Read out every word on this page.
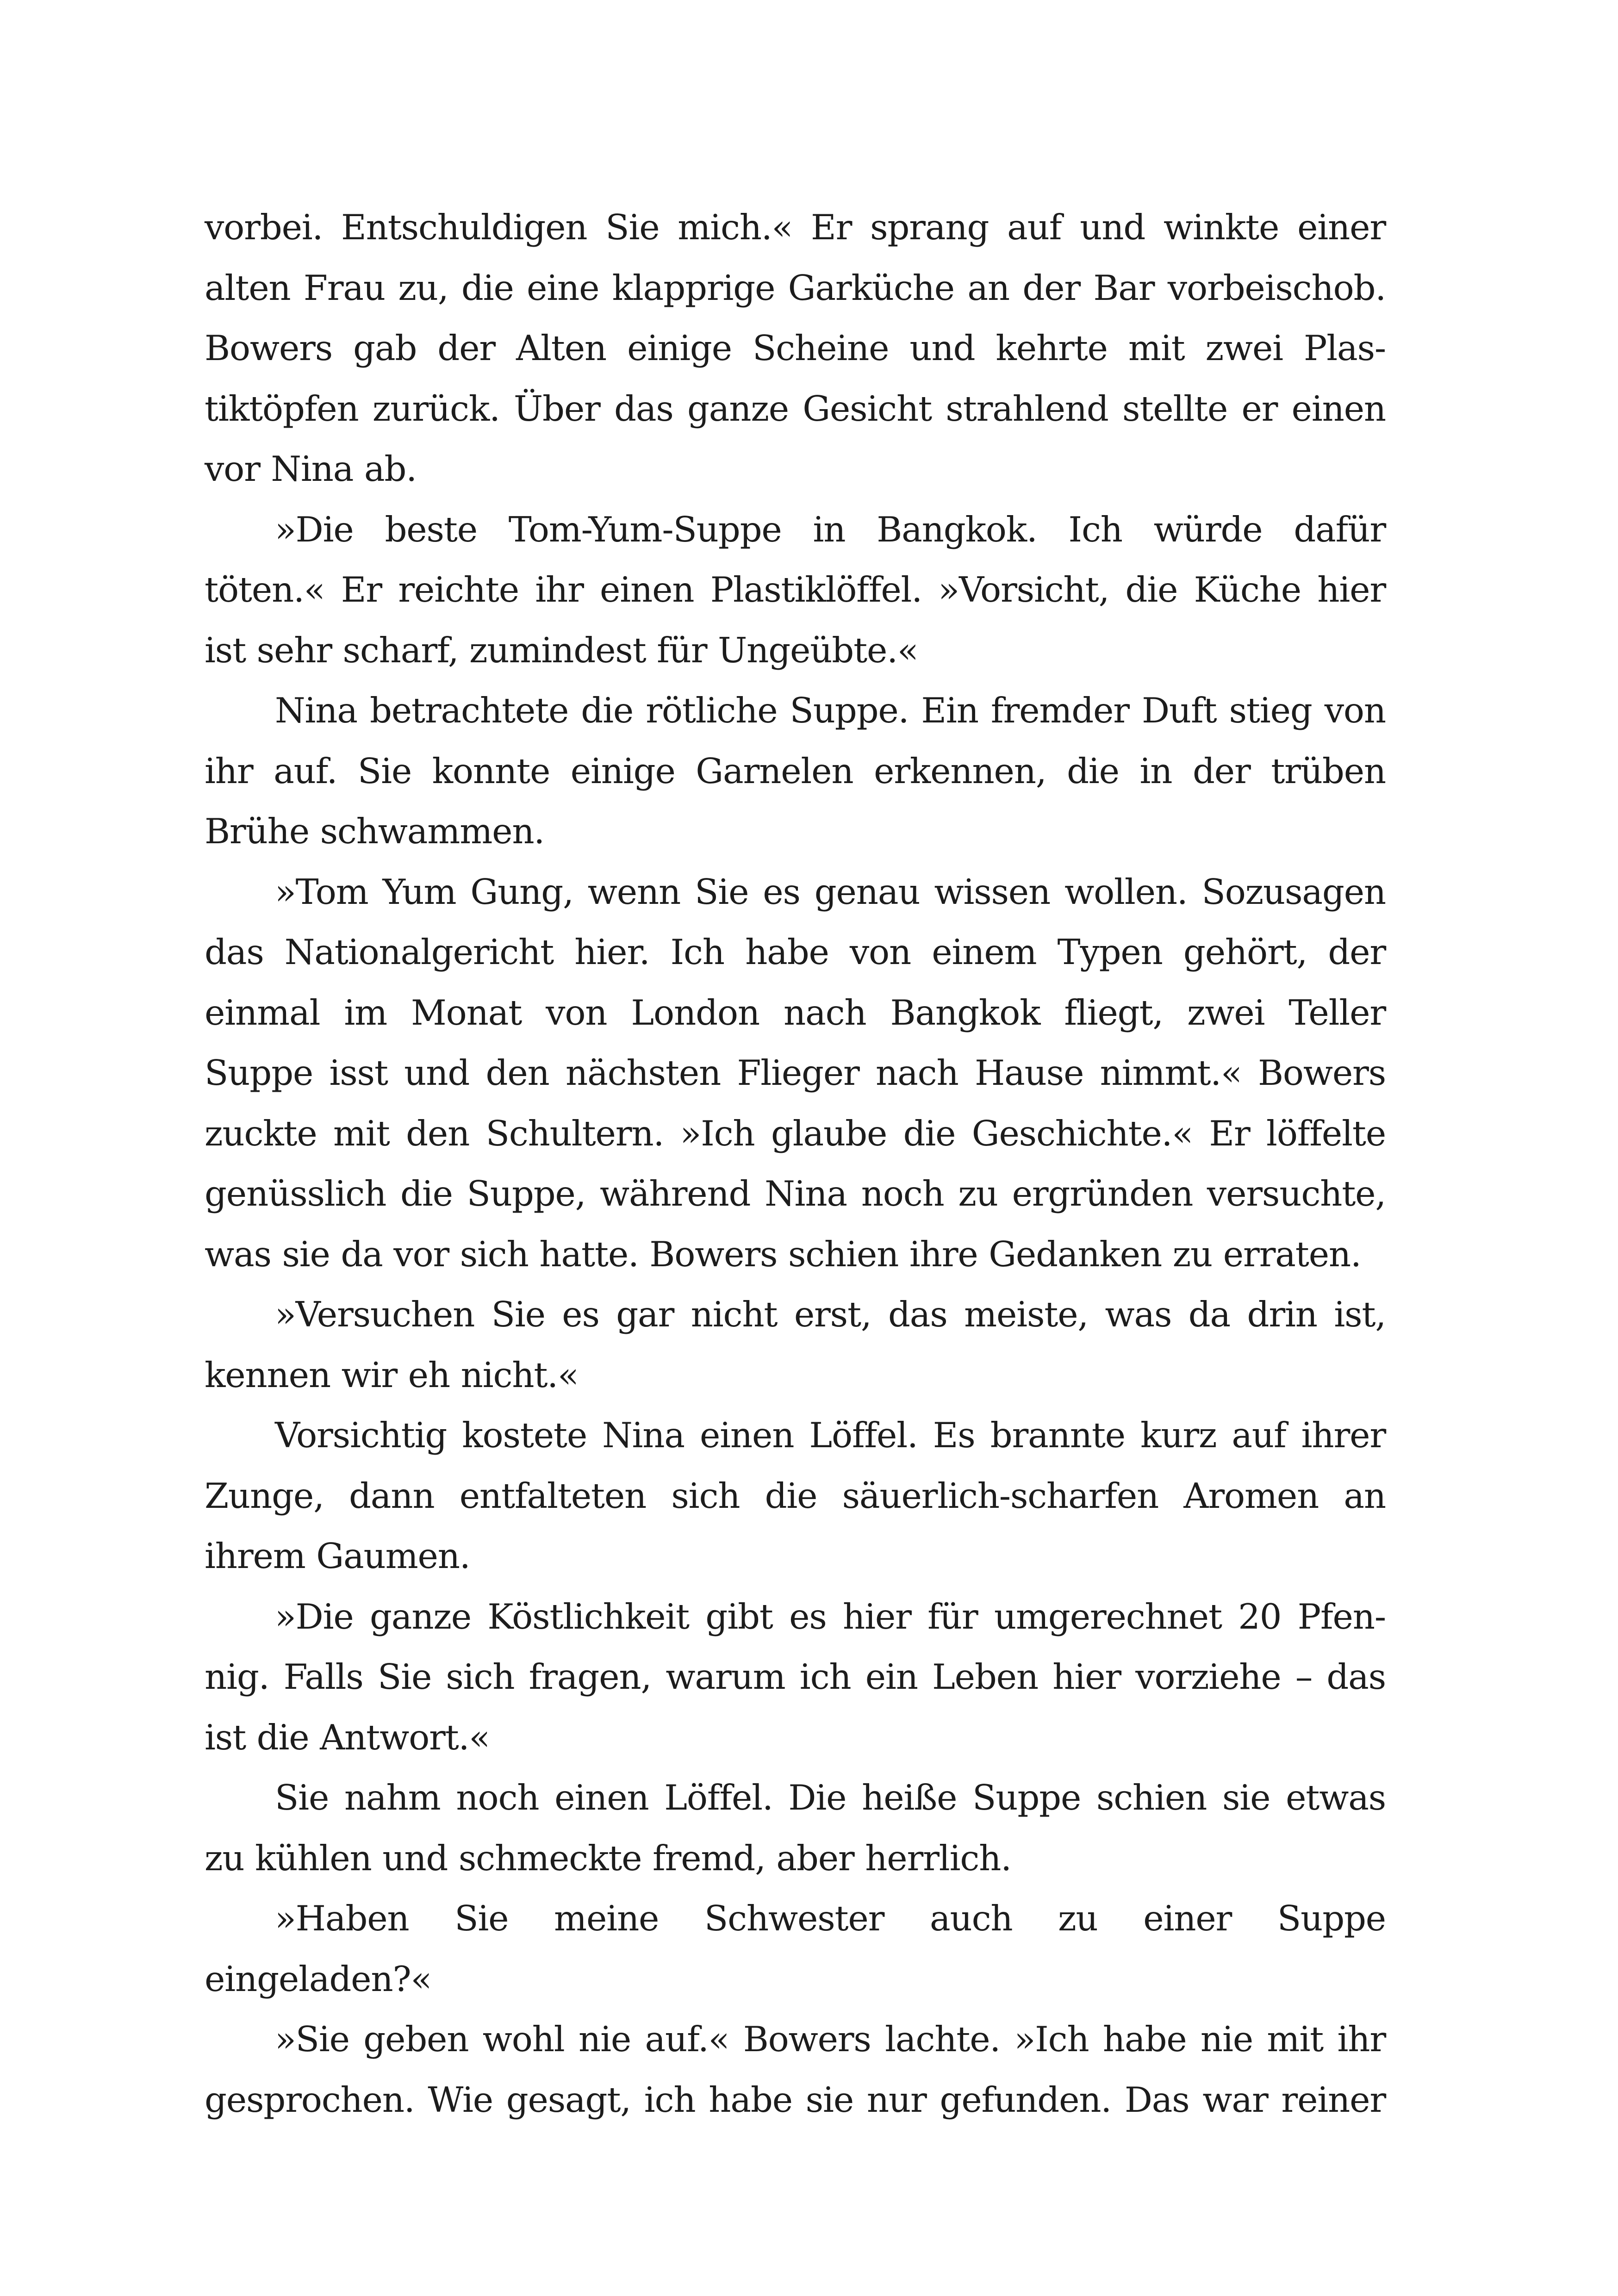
vorbei. Entschuldigen Sie mich.« Er sprang auf und winkte einer
alten Frau zu, die eine klapprige Garküche an der Bar vorbeischob.
Bowers gab der Alten einige Scheine und kehrte mit zwei Plas-
tiktöpfen zurück. Über das ganze Gesicht strahlend stellte er einen
vor Nina ab.
»Die beste Tom-Yum-Suppe in Bangkok. Ich würde dafür
töten.« Er reichte ihr einen Plastiklöffel. »Vorsicht, die Küche hier
ist sehr scharf, zumindest für Ungeübte.«
Nina betrachtete die rötliche Suppe. Ein fremder Duft stieg von
ihr auf. Sie konnte einige Garnelen erkennen, die in der trüben
Brühe schwammen.
»Tom Yum Gung, wenn Sie es genau wissen wollen. Sozusagen
das Nationalgericht hier. Ich habe von einem Typen gehört, der
einmal im Monat von London nach Bangkok fliegt, zwei Teller
Suppe isst und den nächsten Flieger nach Hause nimmt.« Bowers
zuckte mit den Schultern. »Ich glaube die Geschichte.« Er löffelte
genüsslich die Suppe, während Nina noch zu ergründen versuchte,
was sie da vor sich hatte. Bowers schien ihre Gedanken zu erraten.
»Versuchen Sie es gar nicht erst, das meiste, was da drin ist,
kennen wir eh nicht.«
Vorsichtig kostete Nina einen Löffel. Es brannte kurz auf ihrer
Zunge, dann entfalteten sich die säuerlich-scharfen Aromen an
ihrem Gaumen.
»Die ganze Köstlichkeit gibt es hier für umgerechnet 20 Pfen-
nig. Falls Sie sich fragen, warum ich ein Leben hier vorziehe – das
ist die Antwort.«
Sie nahm noch einen Löffel. Die heiße Suppe schien sie etwas
zu kühlen und schmeckte fremd, aber herrlich.
»Haben Sie meine Schwester auch zu einer Suppe
eingeladen?«
»Sie geben wohl nie auf.« Bowers lachte. »Ich habe nie mit ihr
gesprochen. Wie gesagt, ich habe sie nur gefunden. Das war reiner
